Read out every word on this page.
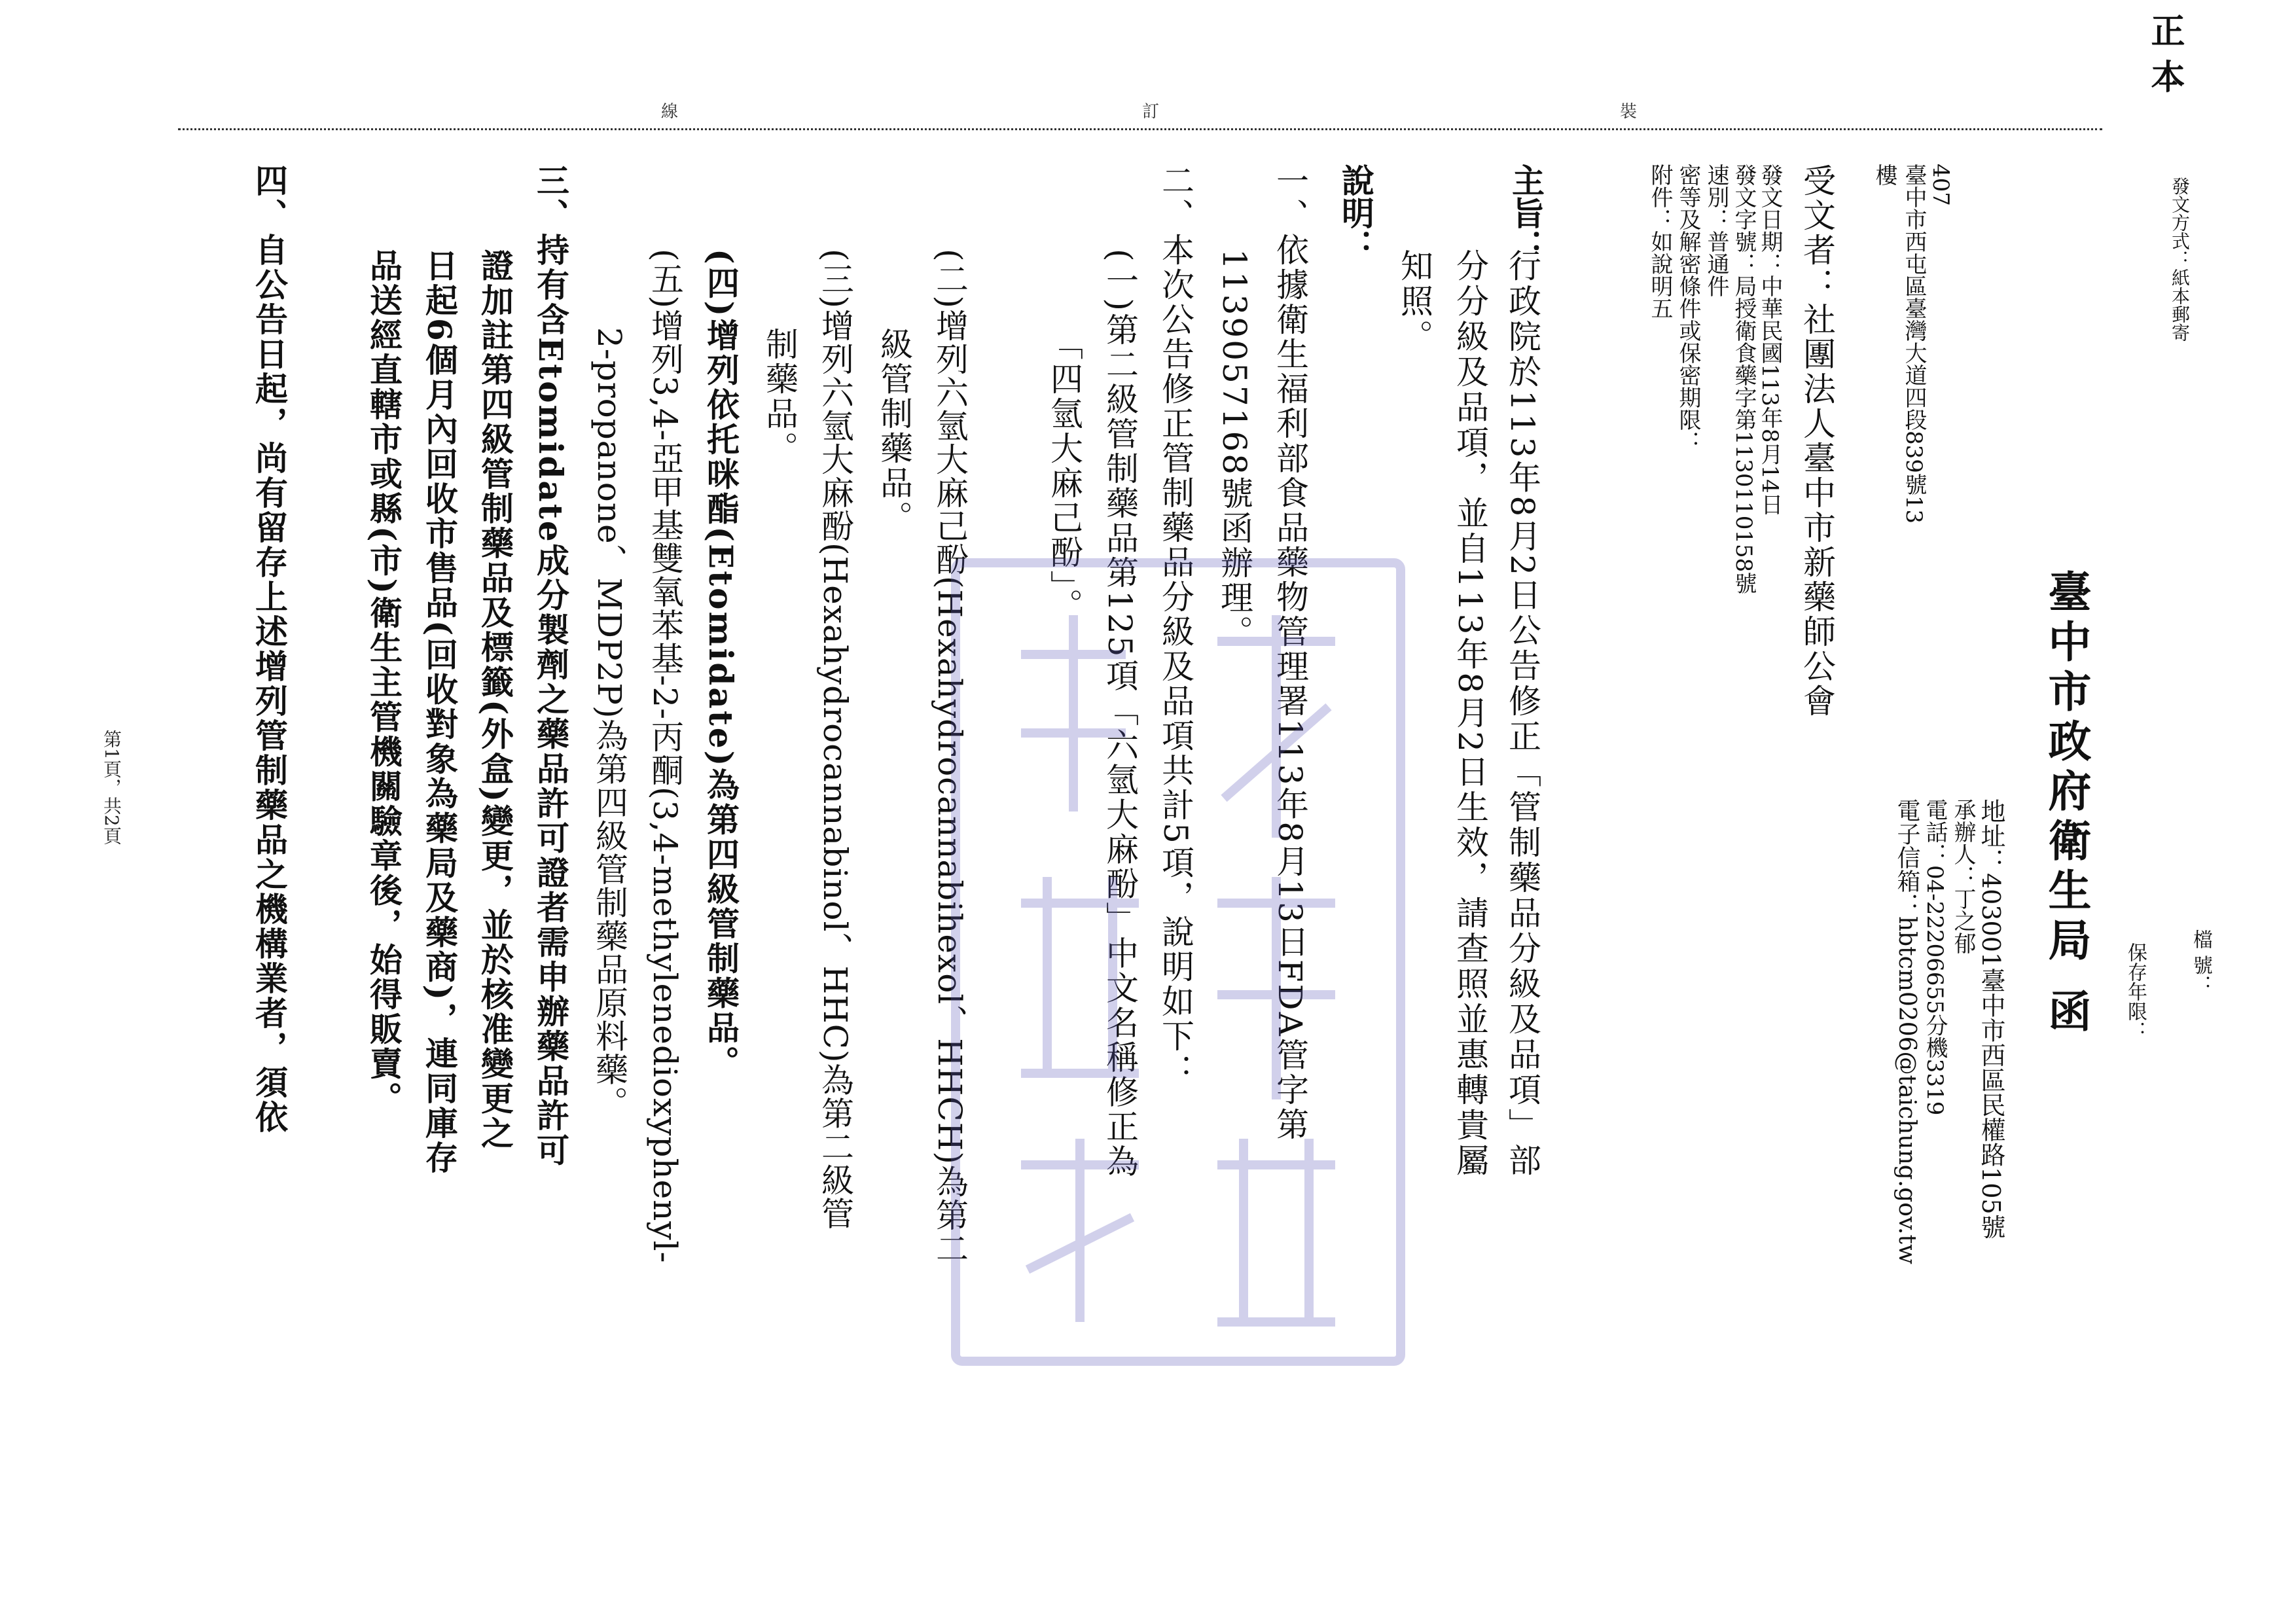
正 本
發文方式：紙本郵寄
檔 號：
保存年限：
臺中市政府衛生局 函
地址：403001臺中市西區民權路105號
承辦人：丁之郁
電話：04-22206655分機3319
電子信箱：hbtcm0206@taichung.gov.tw
407
臺中市西屯區臺灣大道四段839號13
樓
受文者：社團法人臺中市新藥師公會
發文日期：中華民國113年8月14日
發文字號：局授衛食藥字第1130110158號
速別：普通件
密等及解密條件或保密期限：
附件：如說明五
裝
訂
線
主旨：
行政院於113年8月2日公告修正「管制藥品分級及品項」部
分分級及品項，並自113年8月2日生效，請查照並惠轉貴屬
知照。
說明：
一、依據衛生福利部食品藥物管理署113年8月13日FDA管字第
1139057168號函辦理。
二、本次公告修正管制藥品分級及品項共計5項，說明如下：
(一)第二級管制藥品第125項「六氫大麻酚」中文名稱修正為
「四氫大麻己酚」。
(二)增列六氫大麻己酚(Hexahydrocannabihexol、HHCH)為第二
級管制藥品。
(三)增列六氫大麻酚(Hexahydrocannabinol、HHC)為第二級管
制藥品。
(四)增列依托咪酯(Etomidate)為第四級管制藥品。
(五)增列3,4-亞甲基雙氧苯基-2-丙酮(3,4-methylenedioxyphenyl-
2-propanone、MDP2P)為第四級管制藥品原料藥。
三、持有含Etomidate成分製劑之藥品許可證者需申辦藥品許可
證加註第四級管制藥品及標籤(外盒)變更，並於核准變更之
日起6個月內回收市售品(回收對象為藥局及藥商)，連同庫存
品送經直轄市或縣(市)衛生主管機關驗章後，始得販賣。
四、自公告日起，尚有留存上述增列管制藥品之機構業者，須依
第1頁，共2頁
